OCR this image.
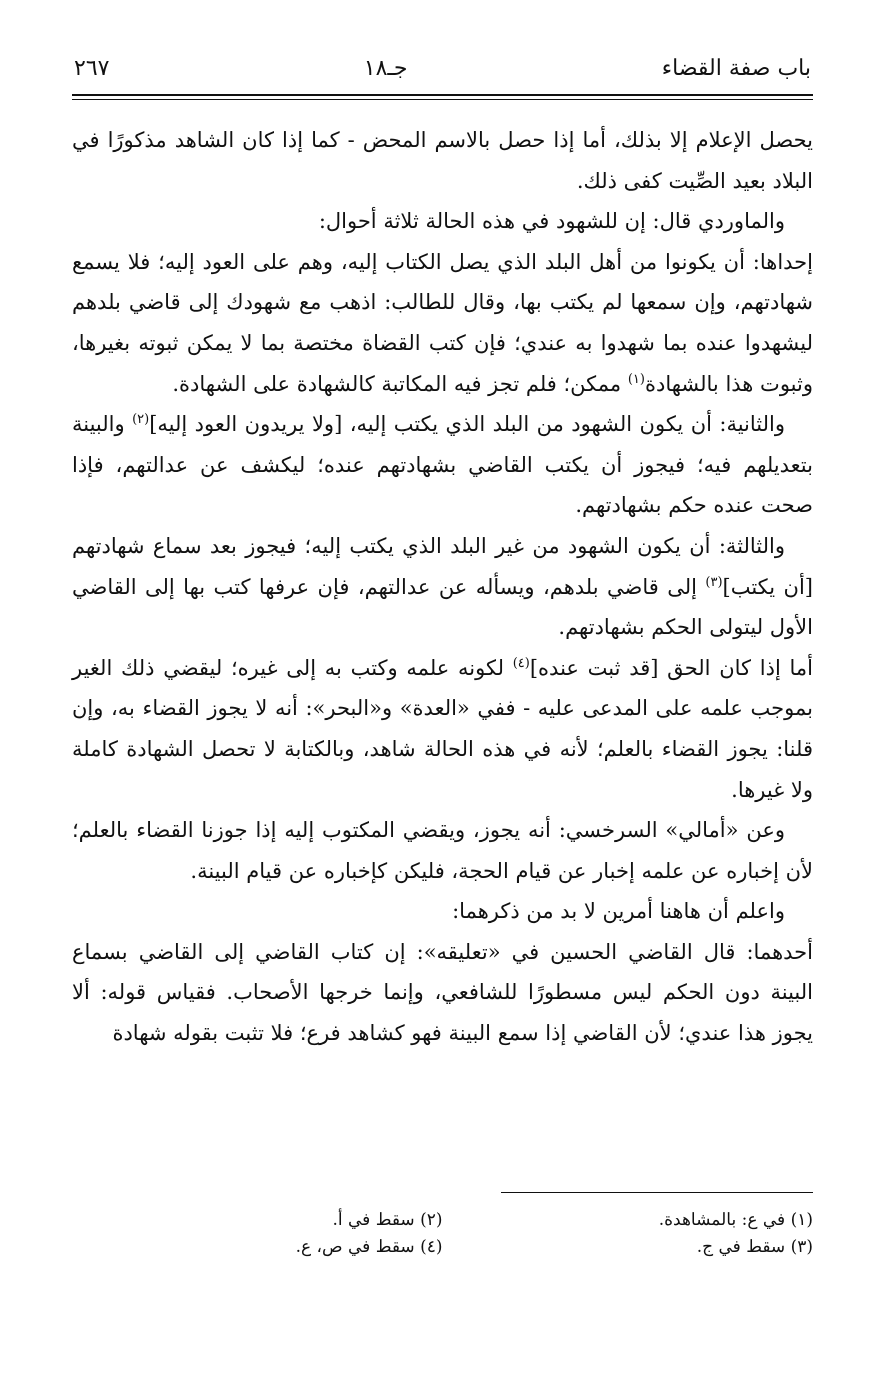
باب صفة القضاء
جـ١٨
٢٦٧

يحصل الإعلام إلا بذلك، أما إذا حصل بالاسم المحض - كما إذا كان الشاهد مذكورًا في البلاد بعيد الصِّيت كفى ذلك.

والماوردي قال: إن للشهود في هذه الحالة ثلاثة أحوال:

إحداها: أن يكونوا من أهل البلد الذي يصل الكتاب إليه، وهم على العود إليه؛ فلا يسمع شهادتهم، وإن سمعها لم يكتب بها، وقال للطالب: اذهب مع شهودك إلى قاضي بلدهم ليشهدوا عنده بما شهدوا به عندي؛ فإن كتب القضاة مختصة بما لا يمكن ثبوته بغيرها، وثبوت هذا بالشهادة$^{(١)}$ ممكن؛ فلم تجز فيه المكاتبة كالشهادة على الشهادة.

والثانية: أن يكون الشهود من البلد الذي يكتب إليه، [ولا يريدون العود إليه]$^{(٢)}$ والبينة بتعديلهم فيه؛ فيجوز أن يكتب القاضي بشهادتهم عنده؛ ليكشف عن عدالتهم، فإذا صحت عنده حكم بشهادتهم.

والثالثة: أن يكون الشهود من غير البلد الذي يكتب إليه؛ فيجوز بعد سماع شهادتهم [أن يكتب]$^{(٣)}$ إلى قاضي بلدهم، ويسأله عن عدالتهم، فإن عرفها كتب بها إلى القاضي الأول ليتولى الحكم بشهادتهم.

أما إذا كان الحق [قد ثبت عنده]$^{(٤)}$ لكونه علمه وكتب به إلى غيره؛ ليقضي ذلك الغير بموجب علمه على المدعى عليه - ففي «العدة» و«البحر»: أنه لا يجوز القضاء به، وإن قلنا: يجوز القضاء بالعلم؛ لأنه في هذه الحالة شاهد، وبالكتابة لا تحصل الشهادة كاملة ولا غيرها.

وعن «أمالي» السرخسي: أنه يجوز، ويقضي المكتوب إليه إذا جوزنا القضاء بالعلم؛ لأن إخباره عن علمه إخبار عن قيام الحجة، فليكن كإخباره عن قيام البينة.

واعلم أن هاهنا أمرين لا بد من ذكرهما:

أحدهما: قال القاضي الحسين في «تعليقه»: إن كتاب القاضي إلى القاضي بسماع البينة دون الحكم ليس مسطورًا للشافعي، وإنما خرجها الأصحاب. فقياس قوله: ألا يجوز هذا عندي؛ لأن القاضي إذا سمع البينة فهو كشاهد فرع؛ فلا تثبت بقوله شهادة

(١) في ع: بالمشاهدة.
(٢) سقط في أ.
(٣) سقط في ج.
(٤) سقط في ص، ع.
